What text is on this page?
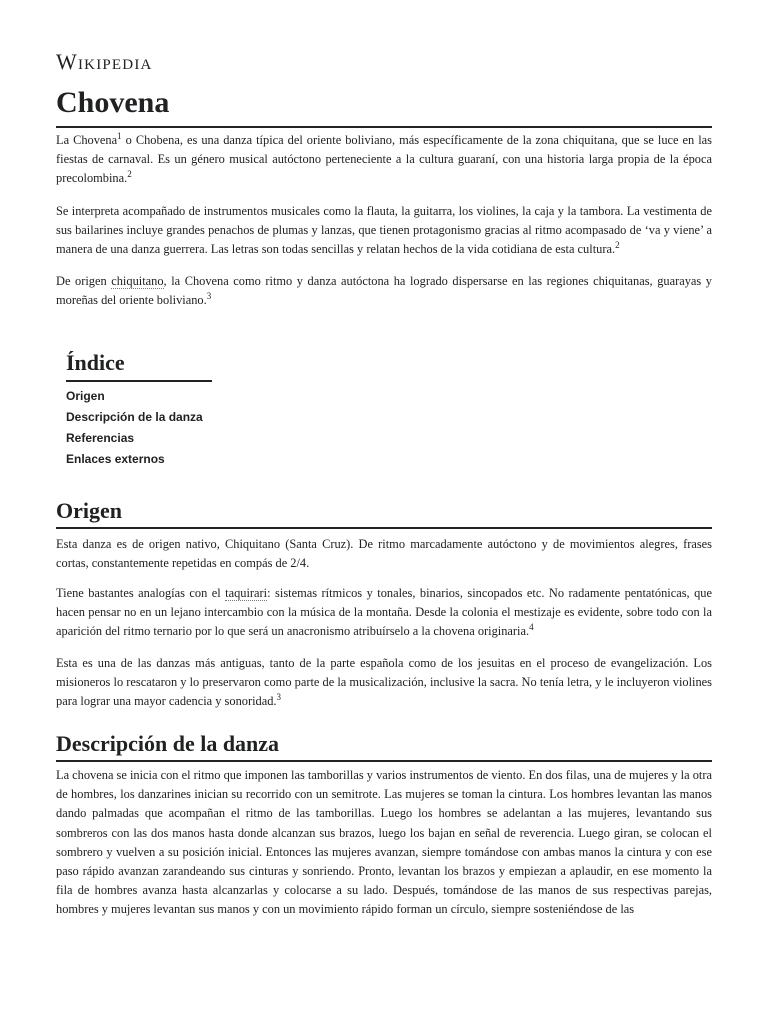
Wikipedia
Chovena

La Chovena$^1$ o Chobena, es una danza típica del oriente boliviano, más específicamente de la zona chiquitana, que se luce en las fiestas de carnaval. Es un género musical autóctono perteneciente a la cultura guaraní, con una historia larga propia de la época precolombina.$^2$

Se interpreta acompañado de instrumentos musicales como la flauta, la guitarra, los violines, la caja y la tambora. La vestimenta de sus bailarines incluye grandes penachos de plumas y lanzas, que tienen protagonismo gracias al ritmo acompasado de ‘va y viene’ a manera de una danza guerrera. Las letras son todas sencillas y relatan hechos de la vida cotidiana de esta cultura.$^2$

De origen chiquitano, la Chovena como ritmo y danza autóctona ha logrado dispersarse en las regiones chiquitanas, guarayas y moreñas del oriente boliviano.$^3$

Índice
Origen
Descripción de la danza
Referencias
Enlaces externos
Origen

Esta danza es de origen nativo, Chiquitano (Santa Cruz). De ritmo marcadamente autóctono y de movimientos alegres, frases cortas, constantemente repetidas en compás de 2/4.

Tiene bastantes analogías con el taquirari: sistemas rítmicos y tonales, binarios, sincopados etc. No radamente pentatónicas, que hacen pensar no en un lejano intercambio con la música de la montaña. Desde la colonia el mestizaje es evidente, sobre todo con la aparición del ritmo ternario por lo que será un anacronismo atribuírselo a la chovena originaria.$^4$

Esta es una de las danzas más antiguas, tanto de la parte española como de los jesuitas en el proceso de evangelización. Los misioneros lo rescataron y lo preservaron como parte de la musicalización, inclusive la sacra. No tenía letra, y le incluyeron violines para lograr una mayor cadencia y sonoridad.$^3$

Descripción de la danza

La chovena se inicia con el ritmo que imponen las tamborillas y varios instrumentos de viento. En dos filas, una de mujeres y la otra de hombres, los danzarines inician su recorrido con un semitrote. Las mujeres se toman la cintura. Los hombres levantan las manos dando palmadas que acompañan el ritmo de las tamborillas. Luego los hombres se adelantan a las mujeres, levantando sus sombreros con las dos manos hasta donde alcanzan sus brazos, luego los bajan en señal de reverencia. Luego giran, se colocan el sombrero y vuelven a su posición inicial. Entonces las mujeres avanzan, siempre tomándose con ambas manos la cintura y con ese paso rápido avanzan zarandeando sus cinturas y sonriendo. Pronto, levantan los brazos y empiezan a aplaudir, en ese momento la fila de hombres avanza hasta alcanzarlas y colocarse a su lado. Después, tomándose de las manos de sus respectivas parejas, hombres y mujeres levantan sus manos y con un movimiento rápido forman un círculo, siempre sosteniéndose de las
